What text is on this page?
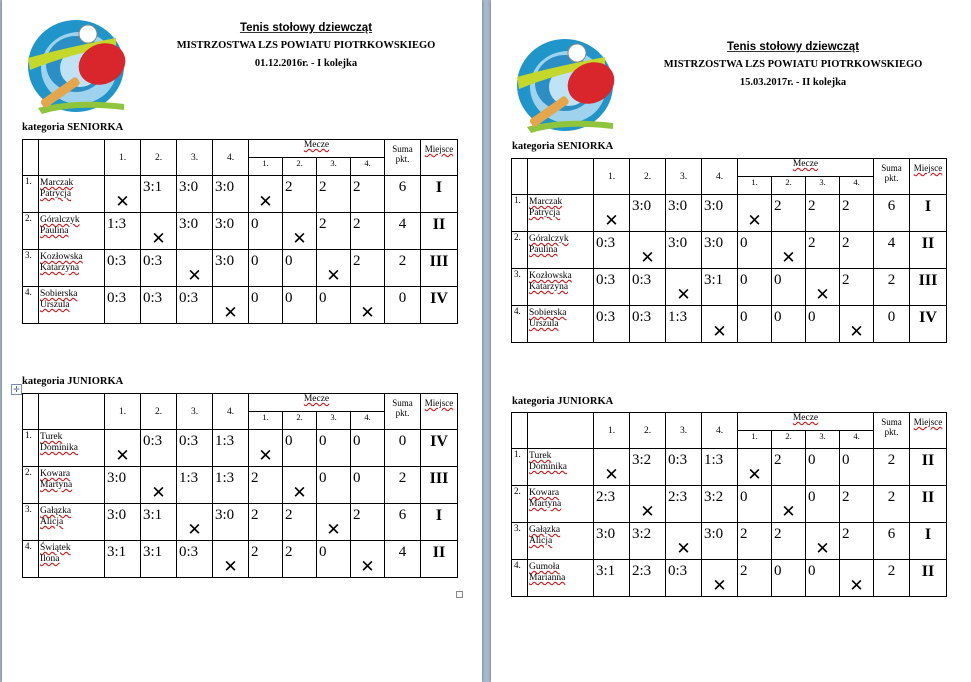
Tenis stołowy dziewcząt
MISTRZOSTWA LZS POWIATU PIOTRKOWSKIEGO
01.12.2016r. - I kolejka
kategoria SENIORKA
		1.	2.	3.	4.	Mecze				Suma
pkt.	Miejsce

						1.	2.	3.	4.		
1.	Marczak
Patrycja	✕	3:1	3:0	3:0	✕	2	2	2	6	I
2.	Góralczyk
Paulina	1:3	✕	3:0	3:0	0	✕	2	2	4	II
3.	Kozłowska
Katarzyna	0:3	0:3	✕	3:0	0	0	✕	2	2	III
4.	Sobierska
Urszula	0:3	0:3	0:3	✕	0	0	0	✕	0	IV
kategoria JUNIORKA
		1.	2.	3.	4.	Mecze				Suma
pkt.	Miejsce

						1.	2.	3.	4.		
1.	Turek
Dominika	✕	0:3	0:3	1:3	✕	0	0	0	0	IV
2.	Kowara
Martyna	3:0	✕	1:3	1:3	2	✕	0	0	2	III
3.	Gałązka
Alicja	3:0	3:1	✕	3:0	2	2	✕	2	6	I
4.	Świątek
Ilona	3:1	3:1	0:3	✕	2	2	0	✕	4	II
✛
Tenis stołowy dziewcząt
MISTRZOSTWA LZS POWIATU PIOTRKOWSKIEGO
15.03.2017r. - II kolejka
kategoria SENIORKA
		1.	2.	3.	4.	Mecze				Suma
pkt.	Miejsce

						1.	2.	3.	4.		
1.	Marczak
Patrycja	✕	3:0	3:0	3:0	✕	2	2	2	6	I
2.	Góralczyk
Paulina	0:3	✕	3:0	3:0	0	✕	2	2	4	II
3.	Kozłowska
Katarzyna	0:3	0:3	✕	3:1	0	0	✕	2	2	III
4.	Sobierska
Urszula	0:3	0:3	1:3	✕	0	0	0	✕	0	IV
kategoria JUNIORKA
		1.	2.	3.	4.	Mecze				Suma
pkt.	Miejsce

						1.	2.	3.	4.		
1.	Turek
Dominika	✕	3:2	0:3	1:3	✕	2	0	0	2	II
2.	Kowara
Martyna	2:3	✕	2:3	3:2	0	✕	0	2	2	II
3.	Gałązka
Alicja	3:0	3:2	✕	3:0	2	2	✕	2	6	I
4.	Gumoła
Marianna	3:1	2:3	0:3	✕	2	0	0	✕	2	II
